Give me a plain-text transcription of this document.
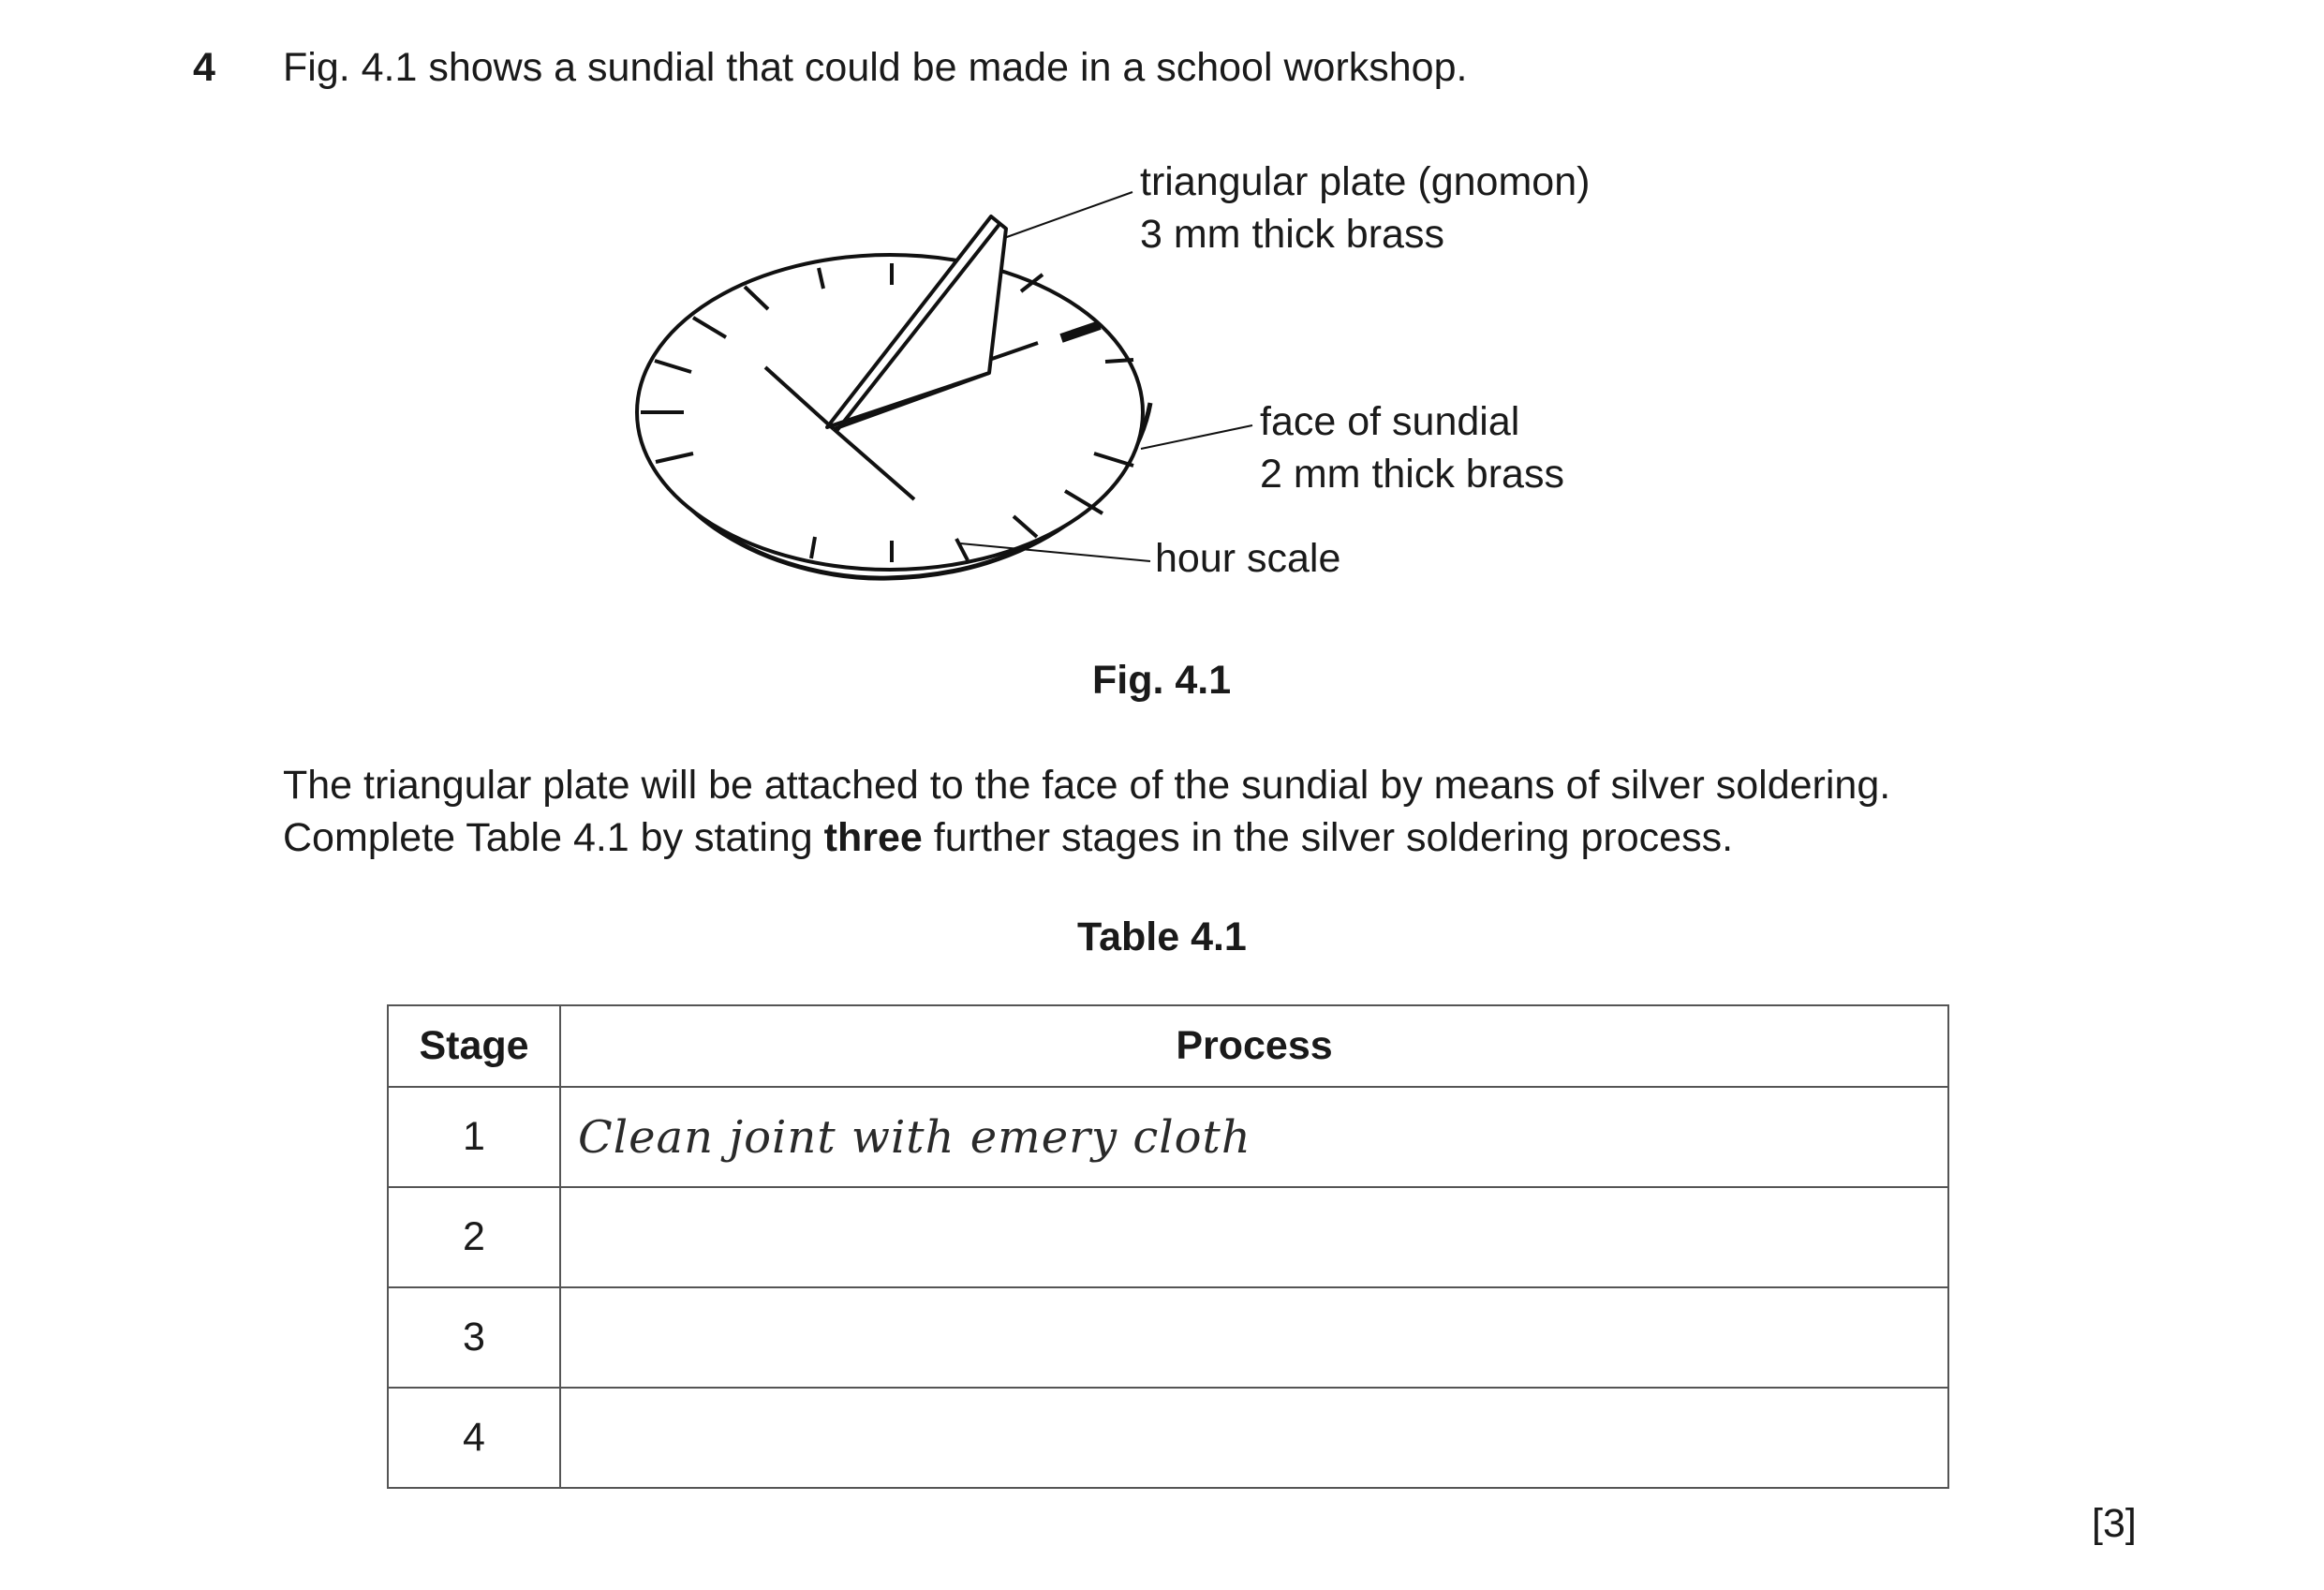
4 Fig. 4.1 shows a sundial that could be made in a school workshop.
triangular plate (gnomon)
3 mm thick brass
face of sundial
2 mm thick brass
hour scale
Fig. 4.1
The triangular plate will be attached to the face of the sundial by means of silver soldering.
Complete Table 4.1 by stating three further stages in the silver soldering process.
Table 4.1
Stage	Process
1	Clean joint with emery cloth
2	
3	
4	
[3]
